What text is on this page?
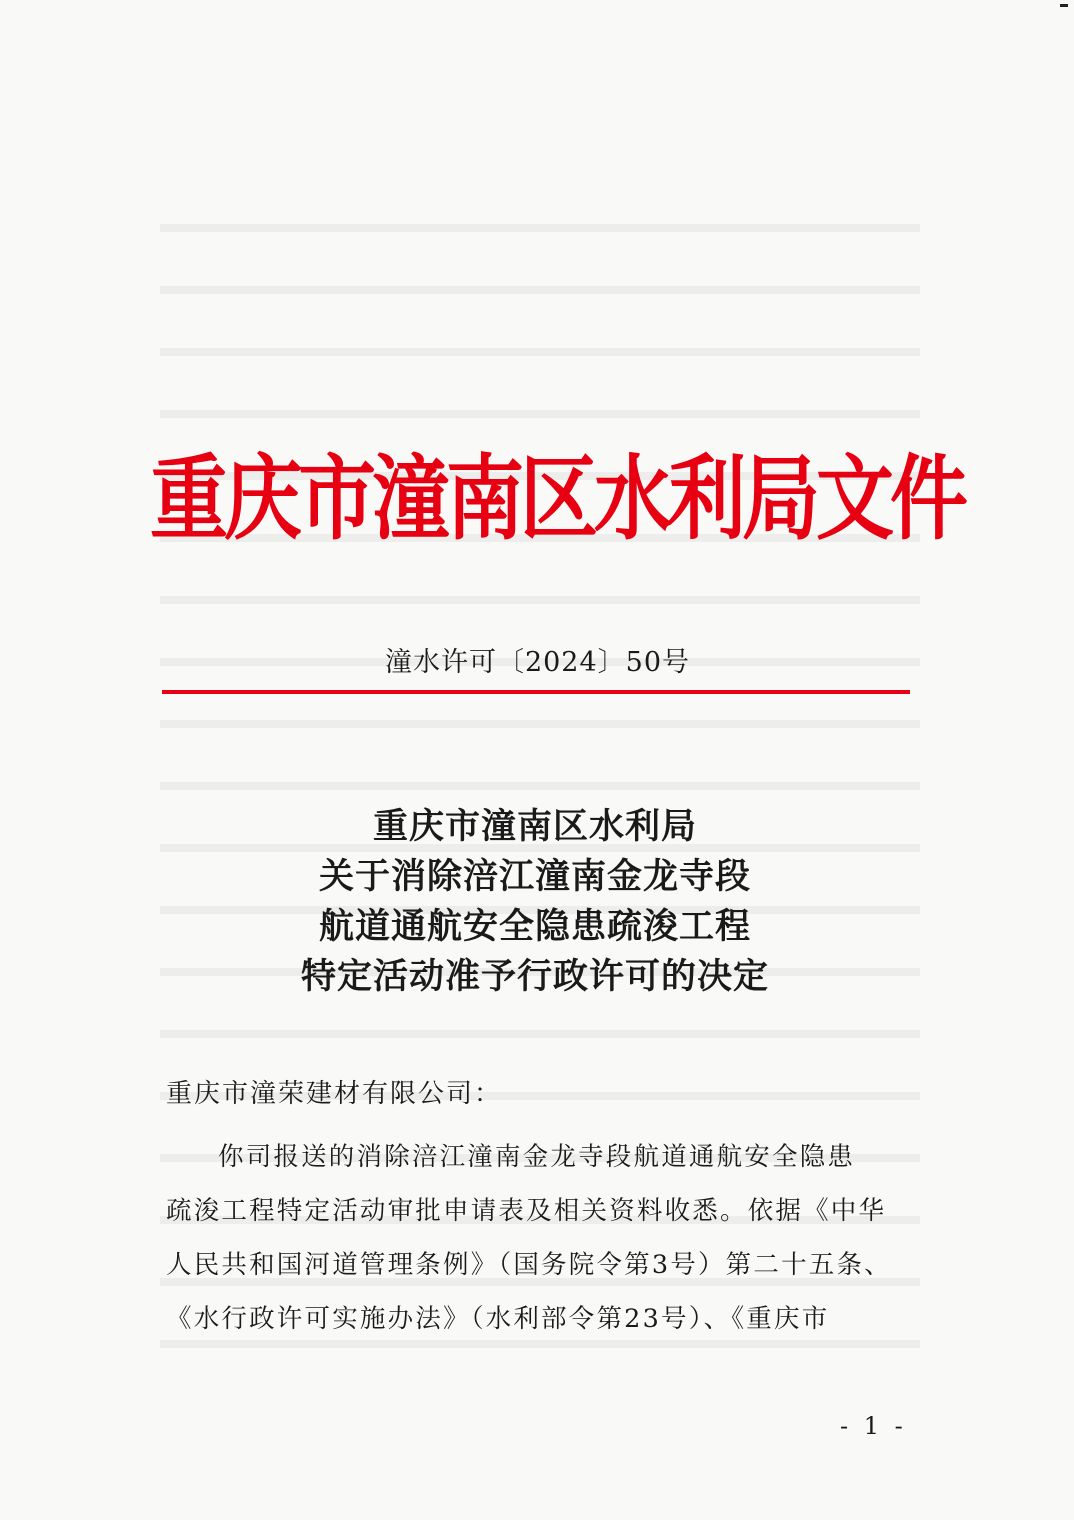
重庆市潼南区水利局文件
潼水许可〔2024〕50号
重庆市潼南区水利局
关于消除涪江潼南金龙寺段
航道通航安全隐患疏浚工程
特定活动准予行政许可的决定
重庆市潼荣建材有限公司：
你司报送的消除涪江潼南金龙寺段航道通航安全隐患
疏浚工程特定活动审批申请表及相关资料收悉。依据《中华
人民共和国河道管理条例》（国务院令第3号）第二十五条、
《水行政许可实施办法》（水利部令第23号）、《重庆市
- 1 -
